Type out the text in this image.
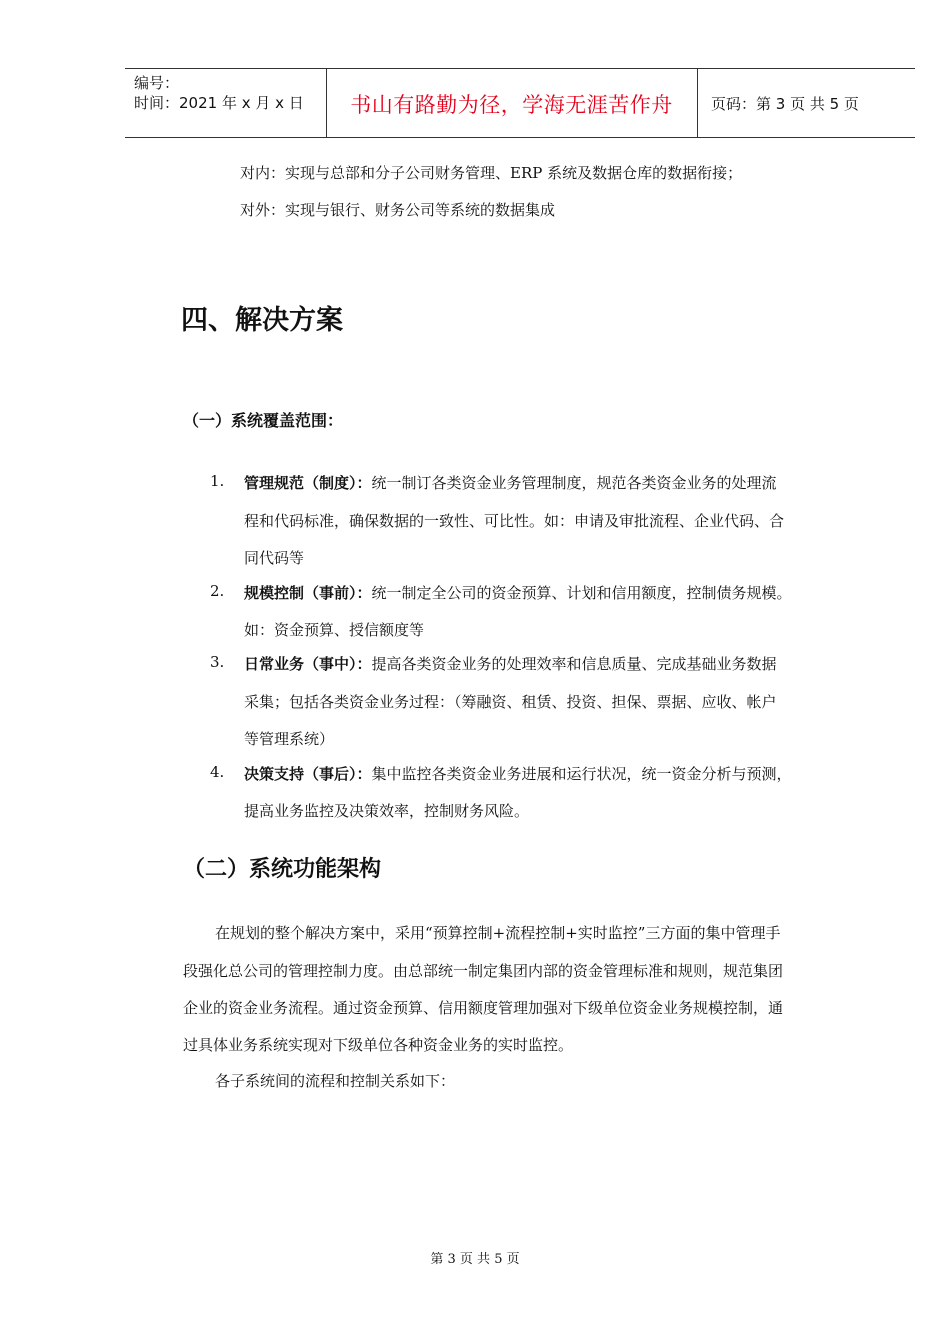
编号：
时间：2021 年 x 月 x 日	书山有路勤为径，学海无涯苦作舟	页码：第 3 页 共 5 页
对内：实现与总部和分子公司财务管理、ERP 系统及数据仓库的数据衔接；
对外：实现与银行、财务公司等系统的数据集成
四、解决方案
（一）系统覆盖范围：
1. 管理规范（制度）：统一制订各类资金业务管理制度，规范各类资金业务的处理流
程和代码标准，确保数据的一致性、可比性。如：申请及审批流程、企业代码、合
同代码等
2. 规模控制（事前）：统一制定全公司的资金预算、计划和信用额度，控制债务规模。
如：资金预算、授信额度等
3. 日常业务（事中）：提高各类资金业务的处理效率和信息质量、完成基础业务数据
采集；包括各类资金业务过程：（筹融资、租赁、投资、担保、票据、应收、帐户
等管理系统）
4. 决策支持（事后）：集中监控各类资金业务进展和运行状况，统一资金分析与预测，
提高业务监控及决策效率，控制财务风险。
（二）系统功能架构
在规划的整个解决方案中，采用“预算控制+流程控制+实时监控”三方面的集中管理手
段强化总公司的管理控制力度。由总部统一制定集团内部的资金管理标准和规则，规范集团
企业的资金业务流程。通过资金预算、信用额度管理加强对下级单位资金业务规模控制，通
过具体业务系统实现对下级单位各种资金业务的实时监控。
各子系统间的流程和控制关系如下：
第 3 页 共 5 页
